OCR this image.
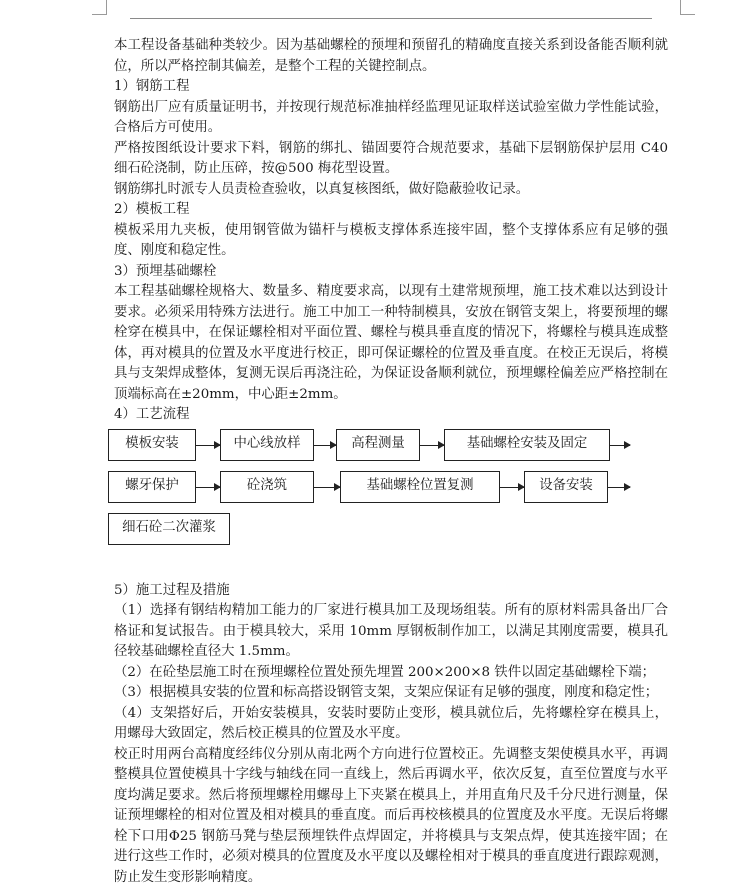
本工程设备基础种类较少。因为基础螺栓的预埋和预留孔的精确度直接关系到设备能否顺利就位，所以严格控制其偏差，是整个工程的关键控制点。

1）钢筋工程

钢筋出厂应有质量证明书，并按现行规范标准抽样经监理见证取样送试验室做力学性能试验，合格后方可使用。

严格按图纸设计要求下料，钢筋的绑扎、锚固要符合规范要求，基础下层钢筋保护层用 C40 细石砼浇制，防止压碎，按@500 梅花型设置。

钢筋绑扎时派专人员责检查验收，以真复核图纸，做好隐蔽验收记录。

2）模板工程

模板采用九夹板，使用钢管做为锚杆与模板支撑体系连接牢固，整个支撑体系应有足够的强度、刚度和稳定性。

3）预埋基础螺栓

本工程基础螺栓规格大、数量多、精度要求高，以现有土建常规预埋，施工技术难以达到设计要求。必须采用特殊方法进行。施工中加工一种特制模具，安放在钢管支架上，将要预埋的螺栓穿在模具中，在保证螺栓相对平面位置、螺栓与模具垂直度的情况下，将螺栓与模具连成整体，再对模具的位置及水平度进行校正，即可保证螺栓的位置及垂直度。在校正无误后，将模具与支架焊成整体，复测无误后再浇注砼，为保证设备顺利就位，预埋螺栓偏差应严格控制在顶端标高在±20mm，中心距±2mm。

4）工艺流程

模板安装	中心线放样	高程测量	基础螺栓安装及固定
螺牙保护	砼浇筑	基础螺栓位置复测	设备安装
细石砼二次灌浆

5）施工过程及措施

（1）选择有钢结构精加工能力的厂家进行模具加工及现场组装。所有的原材料需具备出厂合格证和复试报告。由于模具较大，采用 10mm 厚钢板制作加工，以满足其刚度需要，模具孔径较基础螺栓直径大 1.5mm。

（2）在砼垫层施工时在预埋螺栓位置处预先埋置 200×200×8 铁件以固定基础螺栓下端；

（3）根据模具安装的位置和标高搭设钢管支架，支架应保证有足够的强度，刚度和稳定性；

（4）支架搭好后，开始安装模具，安装时要防止变形，模具就位后，先将螺栓穿在模具上，用螺母大致固定，然后校正模具的位置及水平度。

校正时用两台高精度经纬仪分别从南北两个方向进行位置校正。先调整支架使模具水平，再调整模具位置使模具十字线与轴线在同一直线上，然后再调水平，依次反复，直至位置度与水平度均满足要求。然后将预埋螺栓用螺母上下夹紧在模具上，并用直角尺及千分尺进行测量，保证预埋螺栓的相对位置及相对模具的垂直度。而后再校核模具的位置度及水平度。无误后将螺栓下口用Φ25 钢筋马凳与垫层预埋铁件点焊固定，并将模具与支架点焊，使其连接牢固；在进行这些工作时，必须对模具的位置度及水平度以及螺栓相对于模具的垂直度进行跟踪观测，防止发生变形影响精度。
